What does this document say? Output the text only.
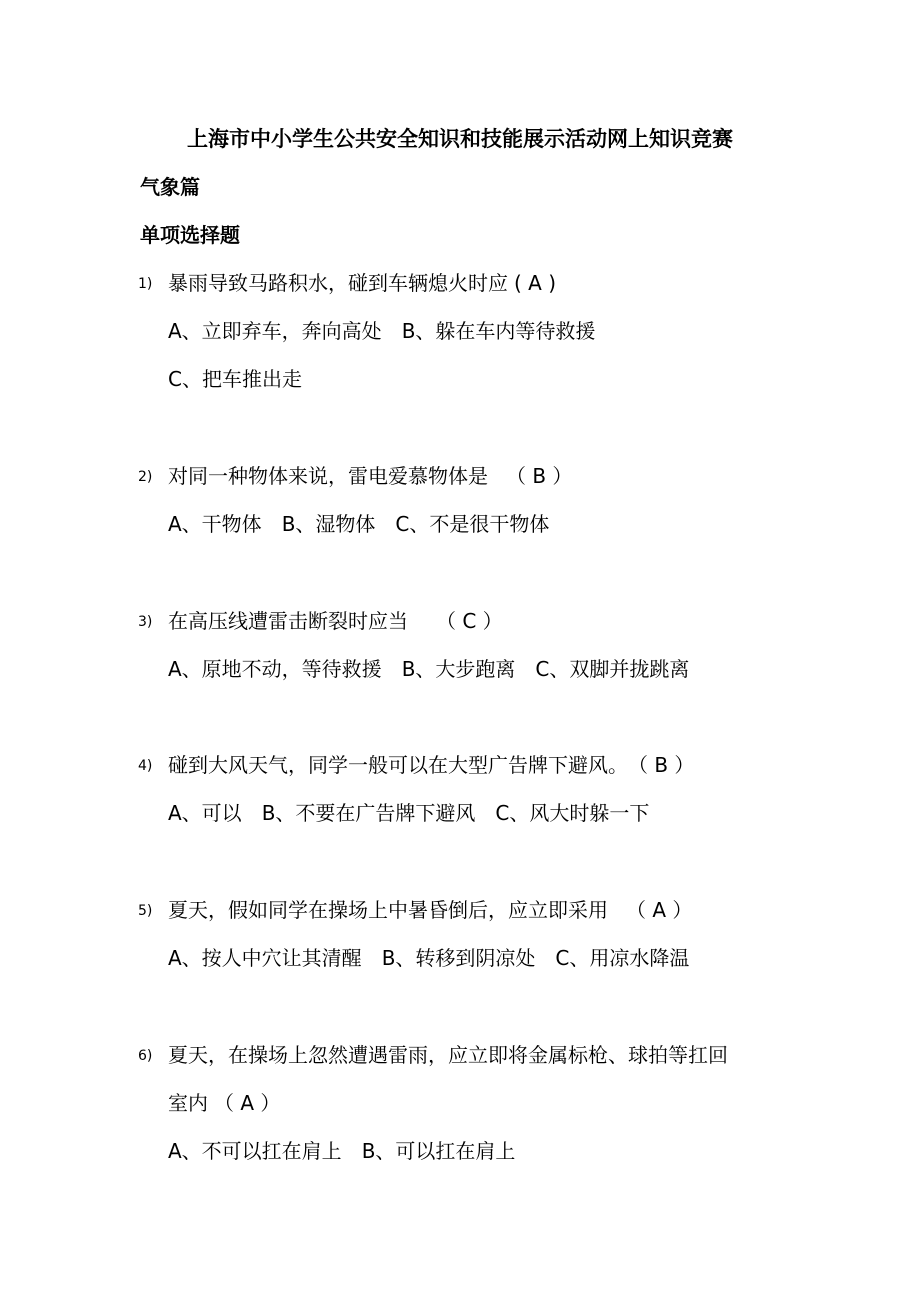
上海市中小学生公共安全知识和技能展示活动网上知识竞赛
气象篇
单项选择题
1) 暴雨导致马路积水，碰到车辆熄火时应 ( A )
A、立即弃车，奔向高处 B、躲在车内等待救援
C、把车推出走
2) 对同一种物体来说，雷电爱慕物体是 （ B ）
A、干物体 B、湿物体 C、不是很干物体
3) 在高压线遭雷击断裂时应当 （ C ）
A、原地不动，等待救援 B、大步跑离 C、双脚并拢跳离
4) 碰到大风天气，同学一般可以在大型广告牌下避风。 （ B ）
A、可以 B、不要在广告牌下避风 C、风大时躲一下
5) 夏天，假如同学在操场上中暑昏倒后，应立即采用 （ A ）
A、按人中穴让其清醒 B、转移到阴凉处 C、用凉水降温
6) 夏天，在操场上忽然遭遇雷雨，应立即将金属标枪、球拍等扛回
室内 （ A ）
A、不可以扛在肩上 B、可以扛在肩上
